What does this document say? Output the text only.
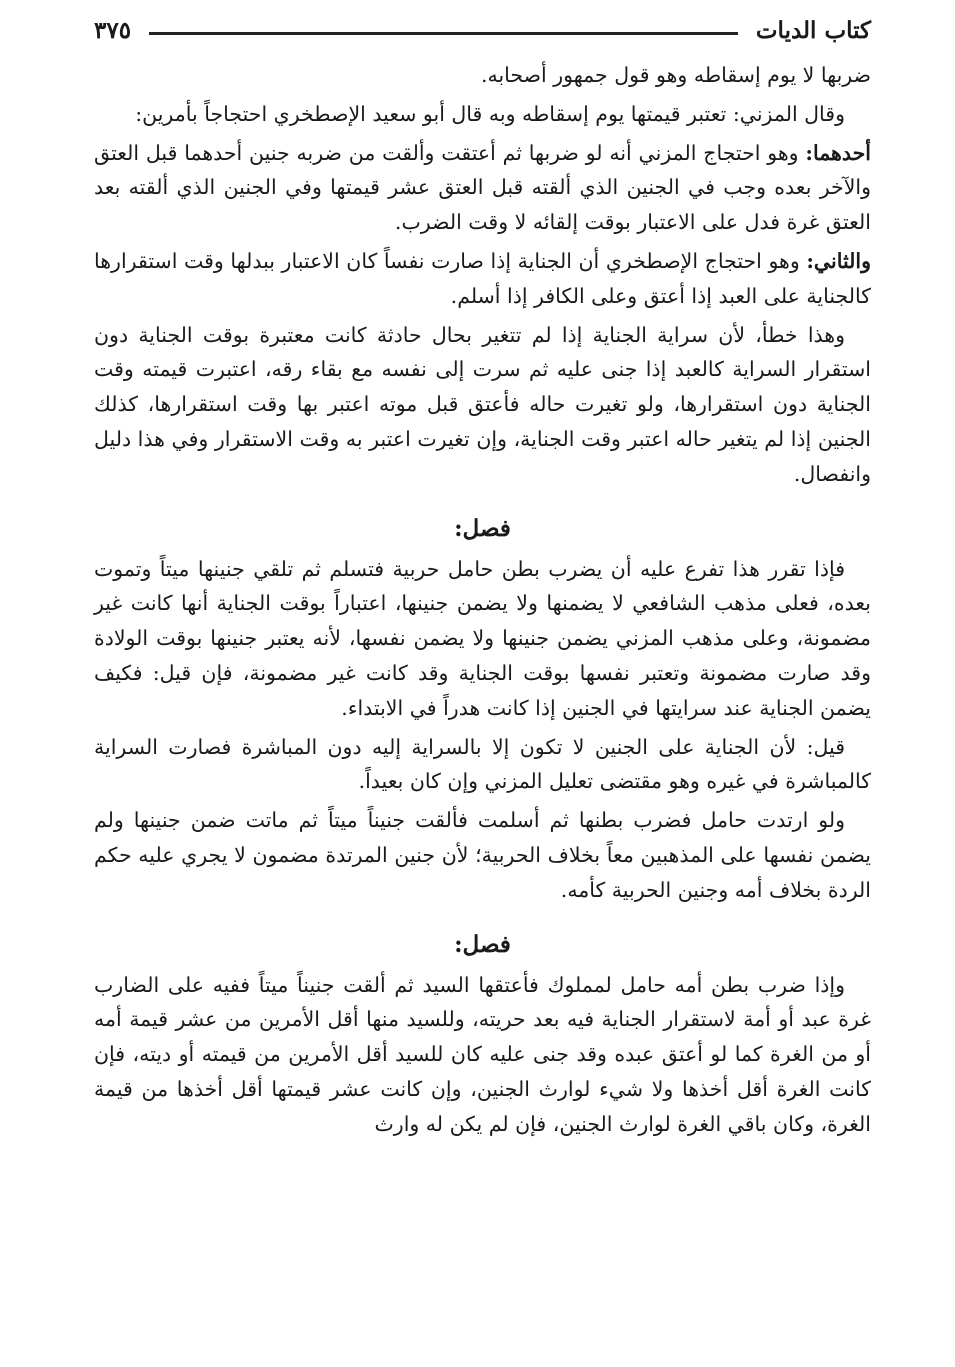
كتاب الديات
٣٧٥

ضربها لا يوم إسقاطه وهو قول جمهور أصحابه.

وقال المزني: تعتبر قيمتها يوم إسقاطه وبه قال أبو سعيد الإصطخري احتجاجاً بأمرين:

أحدهما: وهو احتجاج المزني أنه لو ضربها ثم أعتقت وألقت من ضربه جنين أحدهما قبل العتق والآخر بعده وجب في الجنين الذي ألقته قبل العتق عشر قيمتها وفي الجنين الذي ألقته بعد العتق غرة فدل على الاعتبار بوقت إلقائه لا وقت الضرب.

والثاني: وهو احتجاج الإصطخري أن الجناية إذا صارت نفساً كان الاعتبار ببدلها وقت استقرارها كالجناية على العبد إذا أعتق وعلى الكافر إذا أسلم.

وهذا خطأ، لأن سراية الجناية إذا لم تتغير بحال حادثة كانت معتبرة بوقت الجناية دون استقرار السراية كالعبد إذا جنى عليه ثم سرت إلى نفسه مع بقاء رقه، اعتبرت قيمته وقت الجناية دون استقرارها، ولو تغيرت حاله فأعتق قبل موته اعتبر بها وقت استقرارها، كذلك الجنين إذا لم يتغير حاله اعتبر وقت الجناية، وإن تغيرت اعتبر به وقت الاستقرار وفي هذا دليل وانفصال.

فصل:

فإذا تقرر هذا تفرع عليه أن يضرب بطن حامل حربية فتسلم ثم تلقي جنينها ميتاً وتموت بعده، فعلى مذهب الشافعي لا يضمنها ولا يضمن جنينها، اعتباراً بوقت الجناية أنها كانت غير مضمونة، وعلى مذهب المزني يضمن جنينها ولا يضمن نفسها، لأنه يعتبر جنينها بوقت الولادة وقد صارت مضمونة وتعتبر نفسها بوقت الجناية وقد كانت غير مضمونة، فإن قيل: فكيف يضمن الجناية عند سرايتها في الجنين إذا كانت هدراً في الابتداء.

قيل: لأن الجناية على الجنين لا تكون إلا بالسراية إليه دون المباشرة فصارت السراية كالمباشرة في غيره وهو مقتضى تعليل المزني وإن كان بعيداً.

ولو ارتدت حامل فضرب بطنها ثم أسلمت فألقت جنيناً ميتاً ثم ماتت ضمن جنينها ولم يضمن نفسها على المذهبين معاً بخلاف الحربية؛ لأن جنين المرتدة مضمون لا يجري عليه حكم الردة بخلاف أمه وجنين الحربية كأمه.

فصل:

وإذا ضرب بطن أمه حامل لمملوك فأعتقها السيد ثم ألقت جنيناً ميتاً ففيه على الضارب غرة عبد أو أمة لاستقرار الجناية فيه بعد حريته، وللسيد منها أقل الأمرين من عشر قيمة أمه أو من الغرة كما لو أعتق عبده وقد جنى عليه كان للسيد أقل الأمرين من قيمته أو ديته، فإن كانت الغرة أقل أخذها ولا شيء لوارث الجنين، وإن كانت عشر قيمتها أقل أخذها من قيمة الغرة، وكان باقي الغرة لوارث الجنين، فإن لم يكن له وارث
